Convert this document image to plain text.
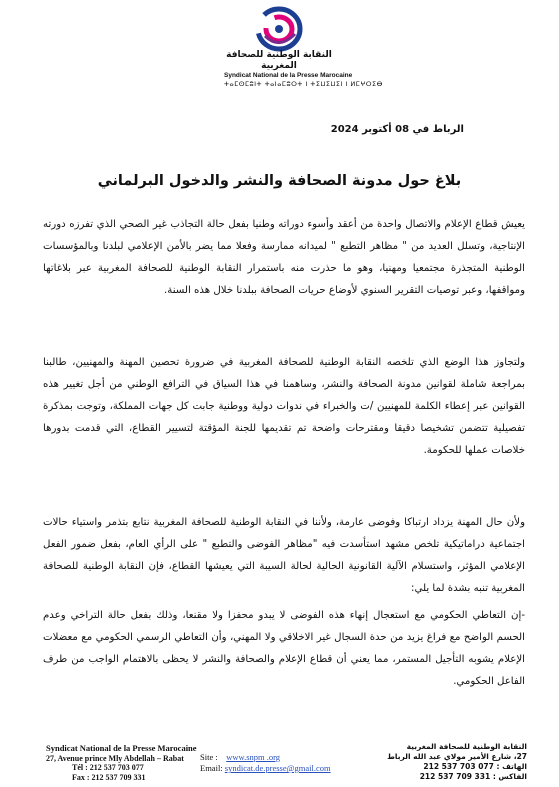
النقابة الوطنية للصحافة المغربية
Syndicat National de la Presse Marocaine
ⵜⴰⵎⵙⵎⵓⵏⵜ ⵜⴰⵏⴰⵎⵓⵔⵜ ⵏ ⵜⵉⵡⵉⵡⵉⵏ ⵏ ⵍⵎⵖⵔⵉⴱ
الرباط في 08 أكتوبر 2024
بلاغ حول مدونة الصحافة والنشر والدخول البرلماني
يعيش قطاع الإعلام والاتصال واحدة من أعقد وأسوء دوراته وطنيا بفعل حالة التجاذب غير الصحي الذي تفرزه دورته الإنتاجية، وتسلل العديد من " مظاهر التطبع " لميدانه ممارسة وفعلا مما يضر بالأمن الإعلامي لبلدنا وبالمؤسسات الوطنية المتجذرة مجتمعيا ومهنيا، وهو ما حذرت منه باستمرار النقابة الوطنية للصحافة المغربية عبر بلاغاتها ومواقفها، وعبر توصيات التقرير السنوي لأوضاع حريات الصحافة ببلدنا خلال هذه السنة.
ولتجاوز هذا الوضع الذي تلخصه النقابة الوطنية للصحافة المغربية في ضرورة تحصين المهنة والمهنيين، طالبنا بمراجعة شاملة لقوانين مدونة الصحافة والنشر، وساهمنا في هذا السياق في الترافع الوطني من أجل تغيير هذه القوانين عبر إعطاء الكلمة للمهنيين /ت والخبراء في ندوات دولية ووطنية جابت كل جهات المملكة، وتوجت بمذكرة تفصيلية تتضمن تشخيصا دقيقا ومقترحات واضحة تم تقديمها للجنة المؤقتة لتسيير القطاع، التي قدمت بدورها خلاصات عملها للحكومة.
ولأن حال المهنة يزداد ارتباكا وفوضى عارمة، ولأننا في النقابة الوطنية للصحافة المغربية نتابع بتذمر واستياء حالات اجتماعية دراماتيكية تلخص مشهد استأسدت فيه "مظاهر الفوضى والتطبع " على الرأي العام، بفعل ضمور الفعل الإعلامي المؤثر، واستسلام الآلية القانونية الحالية لحالة السيبة التي يعيشها القطاع، فإن النقابة الوطنية للصحافة المغربية تنبه بشدة لما يلي:
-إن التعاطي الحكومي مع استعجال إنهاء هذه الفوضى لا يبدو محفزا ولا مقنعا، وذلك بفعل حالة التراخي وعدم الحسم الواضح مع فراغ يزيد من حدة السجال غير الاخلاقي ولا المهني، وأن التعاطي الرسمي الحكومي مع معضلات الإعلام يشوبه التأجيل المستمر، مما يعني أن قطاع الإعلام والصحافة والنشر لا يحظى بالاهتمام الواجب من طرف الفاعل الحكومي.
Syndicat National de la Presse Marocaine
27, Avenue prince Mly Abdellah – Rabat
Tél : 212 537 703 077
Fax : 212 537 709 331
Site : www.snpm .org
Email: syndicat.de.presse@gmail.com
النقابة الوطنية للصحافة المغربية
27، شارع الأمير مولاي عبد الله الرباط
الهاتف : 212 537 703 077
الفاكس : 212 537 709 331
